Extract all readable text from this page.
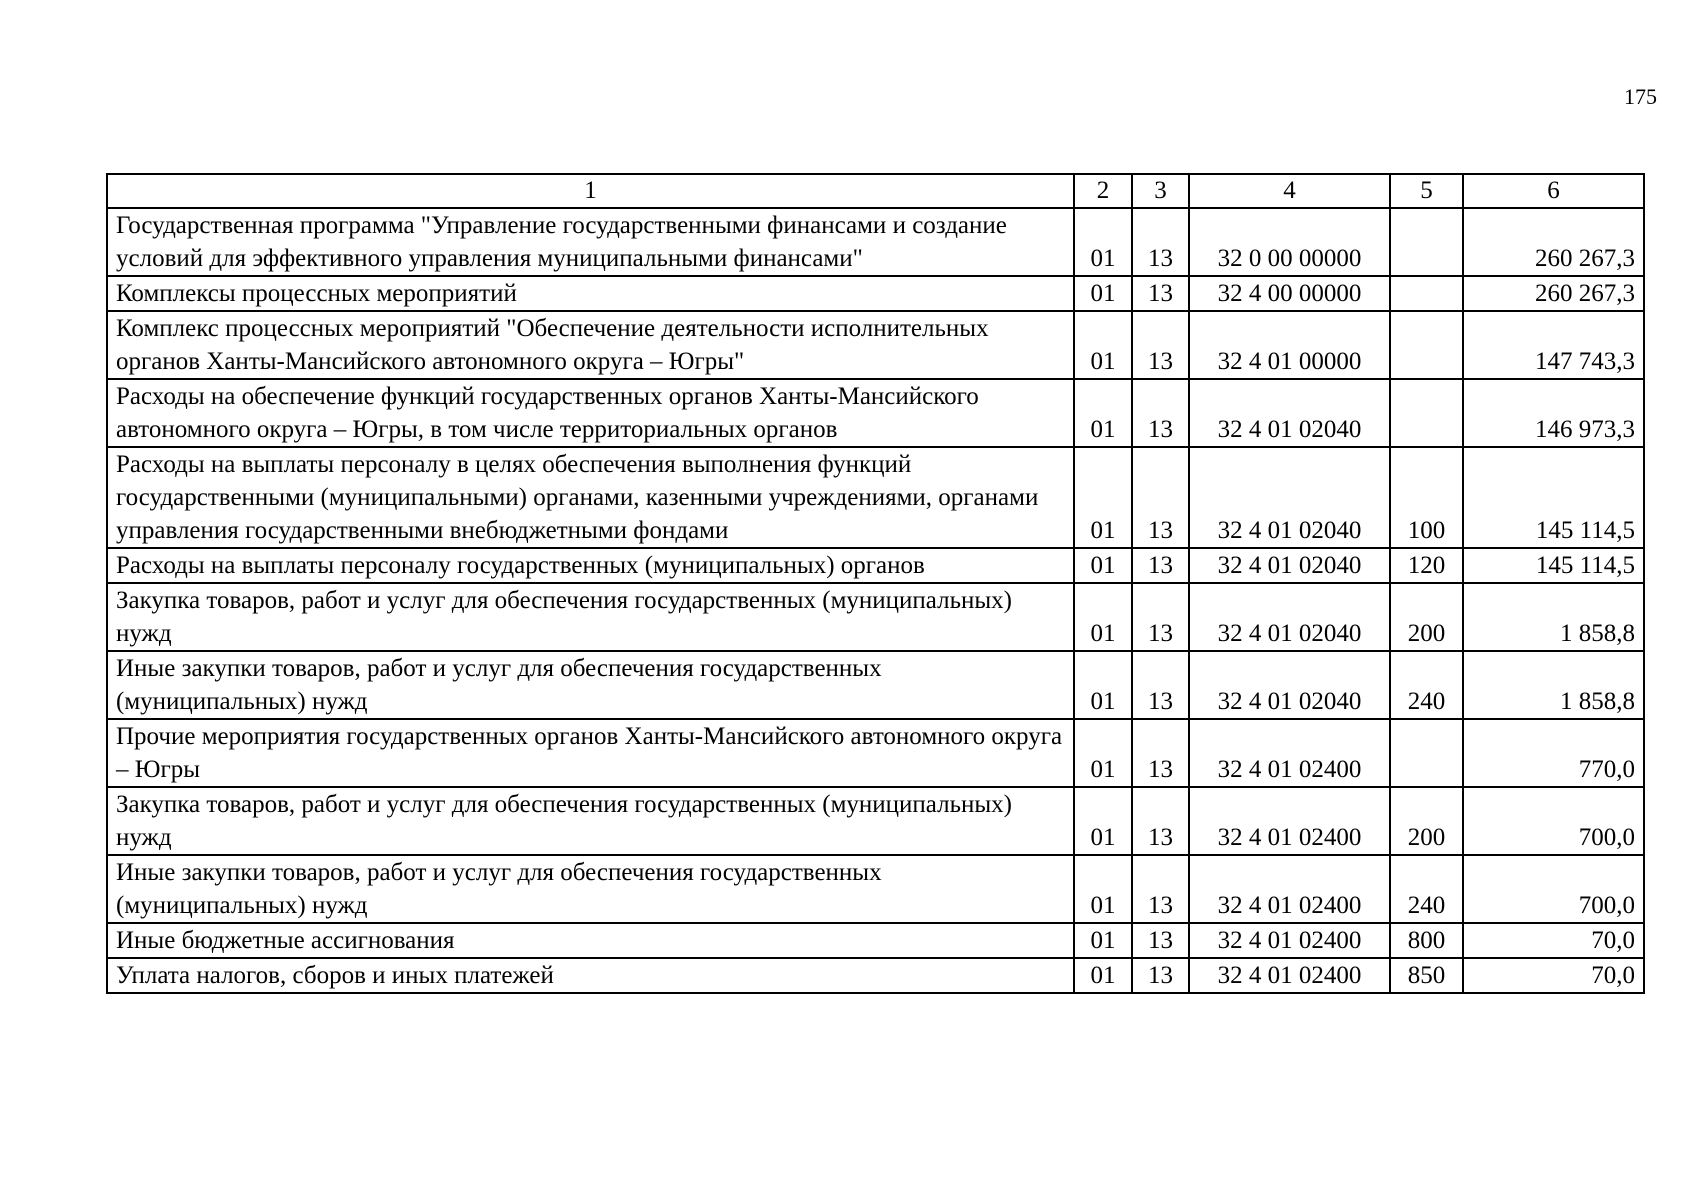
175
1	2	3	4	5	6
Государственная программа "Управление государственными финансами и создание условий для эффективного управления муниципальными финансами"	01	13	32 0 00 00000		260 267,3
Комплексы процессных мероприятий	01	13	32 4 00 00000		260 267,3
Комплекс процессных мероприятий "Обеспечение деятельности исполнительных органов Ханты-Мансийского автономного округа – Югры"	01	13	32 4 01 00000		147 743,3
Расходы на обеспечение функций государственных органов Ханты-Мансийского автономного округа – Югры, в том числе территориальных органов	01	13	32 4 01 02040		146 973,3
Расходы на выплаты персоналу в целях обеспечения выполнения функций государственными (муниципальными) органами, казенными учреждениями, органами управления государственными внебюджетными фондами	01	13	32 4 01 02040	100	145 114,5
Расходы на выплаты персоналу государственных (муниципальных) органов	01	13	32 4 01 02040	120	145 114,5
Закупка товаров, работ и услуг для обеспечения государственных (муниципальных) нужд	01	13	32 4 01 02040	200	1 858,8
Иные закупки товаров, работ и услуг для обеспечения государственных (муниципальных) нужд	01	13	32 4 01 02040	240	1 858,8
Прочие мероприятия государственных органов Ханты-Мансийского автономного округа – Югры	01	13	32 4 01 02400		770,0
Закупка товаров, работ и услуг для обеспечения государственных (муниципальных) нужд	01	13	32 4 01 02400	200	700,0
Иные закупки товаров, работ и услуг для обеспечения государственных (муниципальных) нужд	01	13	32 4 01 02400	240	700,0
Иные бюджетные ассигнования	01	13	32 4 01 02400	800	70,0
Уплата налогов, сборов и иных платежей	01	13	32 4 01 02400	850	70,0
